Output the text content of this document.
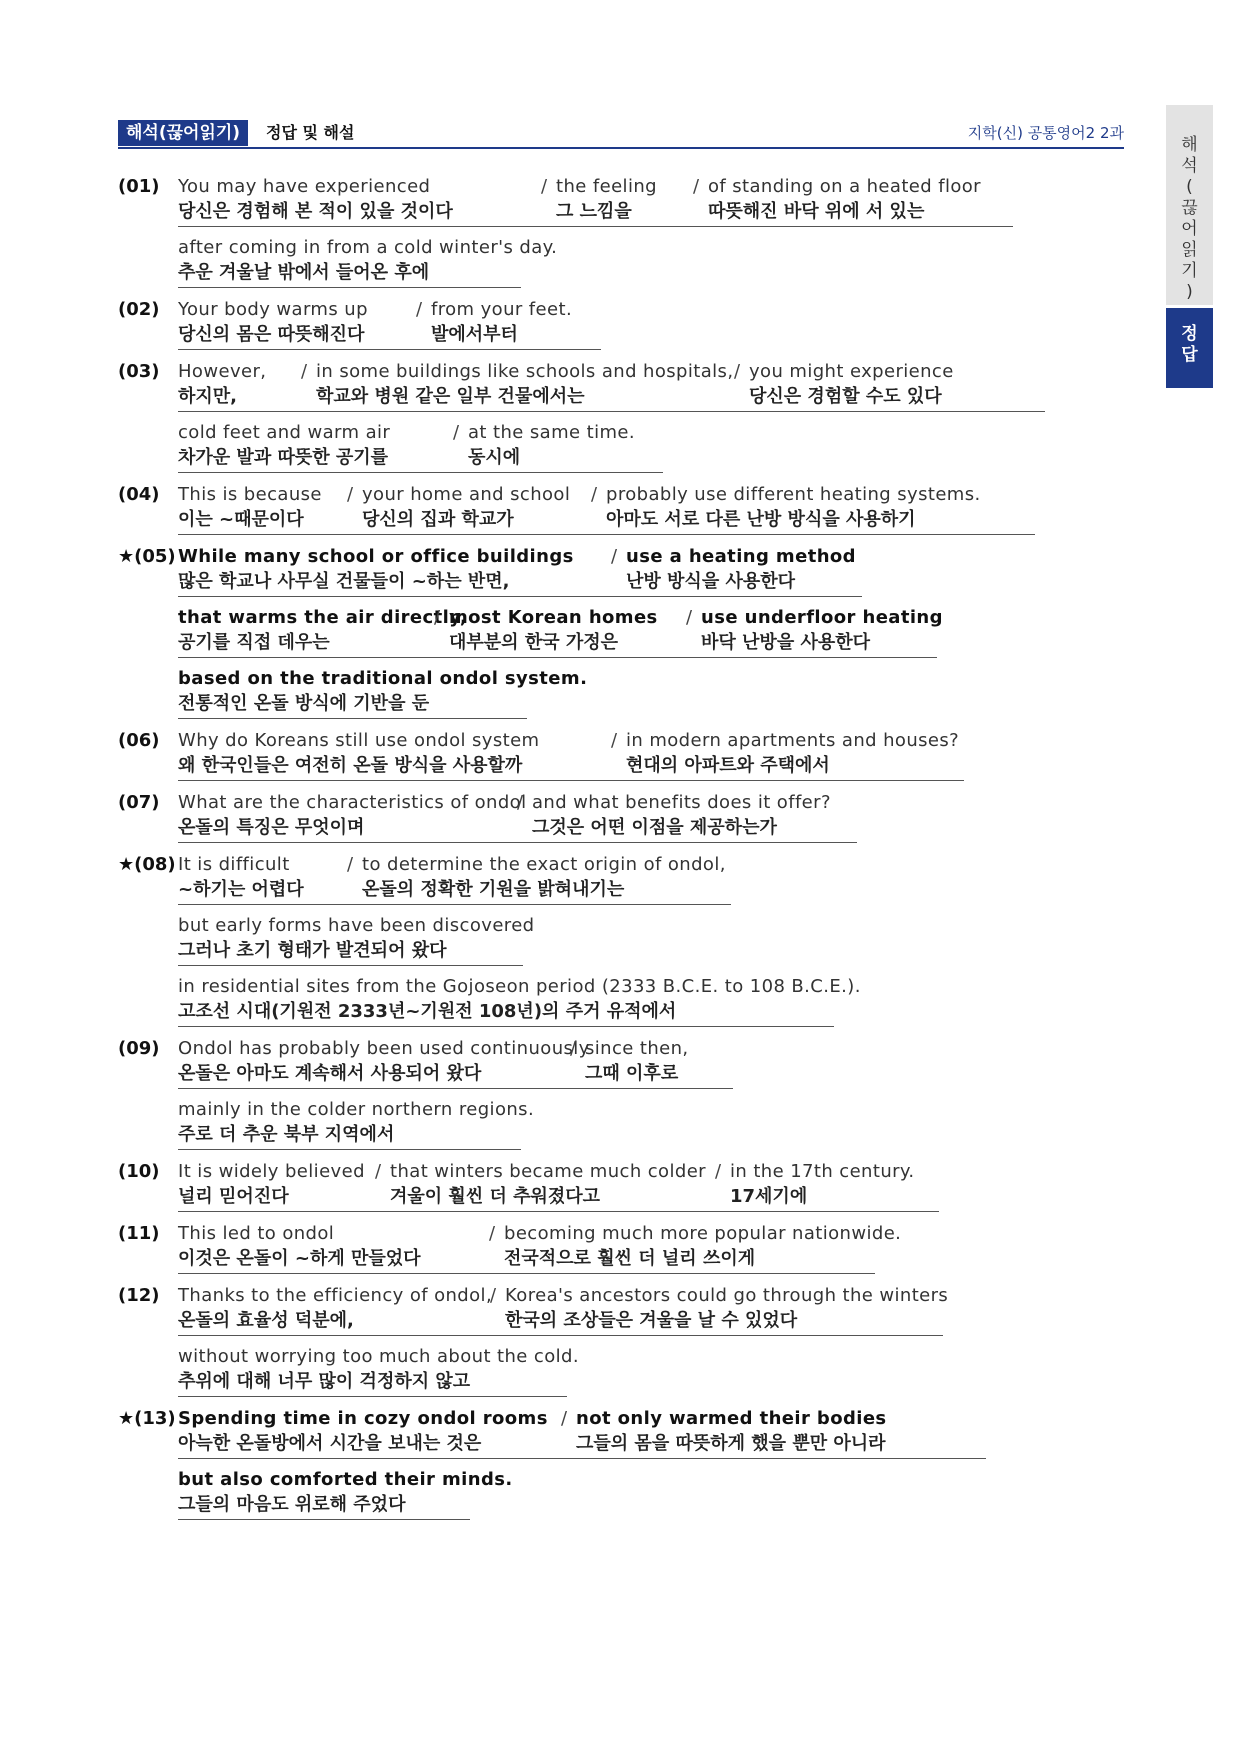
해석(끊어읽기)	정답 및 해설	지학(신) 공통영어2 2과
해
석
(
끊
어
읽
기
)
정
답
(01) You may have experienced
당신은 경험해 본 적이 있을 것이다
/ the feeling
그 느낌을
/ of standing on a heated floor
따뜻해진 바닥 위에 서 있는
after coming in from a cold winter's day.
추운 겨울날 밖에서 들어온 후에
(02) Your body warms up
당신의 몸은 따뜻해진다
/ from your feet.
발에서부터
(03) However,
하지만,
/ in some buildings like schools and hospitals,
학교와 병원 같은 일부 건물에서는
/ you might experience
당신은 경험할 수도 있다
cold feet and warm air
차가운 발과 따뜻한 공기를
/ at the same time.
동시에
(04) This is because
이는 ~때문이다
/ your home and school
당신의 집과 학교가
/ probably use different heating systems.
아마도 서로 다른 난방 방식을 사용하기
★(05) While many school or office buildings
많은 학교나 사무실 건물들이 ~하는 반면,
/ use a heating method
난방 방식을 사용한다
that warms the air directly,
공기를 직접 데우는
/ most Korean homes
대부분의 한국 가정은
/ use underfloor heating
바닥 난방을 사용한다
based on the traditional ondol system.
전통적인 온돌 방식에 기반을 둔
(06) Why do Koreans still use ondol system
왜 한국인들은 여전히 온돌 방식을 사용할까
/ in modern apartments and houses?
현대의 아파트와 주택에서
(07) What are the characteristics of ondol
온돌의 특징은 무엇이며
/ and what benefits does it offer?
그것은 어떤 이점을 제공하는가
★(08) It is difficult
~하기는 어렵다
/ to determine the exact origin of ondol,
온돌의 정확한 기원을 밝혀내기는
but early forms have been discovered
그러나 초기 형태가 발견되어 왔다
in residential sites from the Gojoseon period (2333 B.C.E. to 108 B.C.E.).
고조선 시대(기원전 2333년~기원전 108년)의 주거 유적에서
(09) Ondol has probably been used continuously
온돌은 아마도 계속해서 사용되어 왔다
/ since then,
그때 이후로
mainly in the colder northern regions.
주로 더 추운 북부 지역에서
(10) It is widely believed
널리 믿어진다
/ that winters became much colder
겨울이 훨씬 더 추워졌다고
/ in the 17th century.
17세기에
(11) This led to ondol
이것은 온돌이 ~하게 만들었다
/ becoming much more popular nationwide.
전국적으로 훨씬 더 널리 쓰이게
(12) Thanks to the efficiency of ondol,
온돌의 효율성 덕분에,
/ Korea's ancestors could go through the winters
한국의 조상들은 겨울을 날 수 있었다
without worrying too much about the cold.
추위에 대해 너무 많이 걱정하지 않고
★(13) Spending time in cozy ondol rooms
아늑한 온돌방에서 시간을 보내는 것은
/ not only warmed their bodies
그들의 몸을 따뜻하게 했을 뿐만 아니라
but also comforted their minds.
그들의 마음도 위로해 주었다
